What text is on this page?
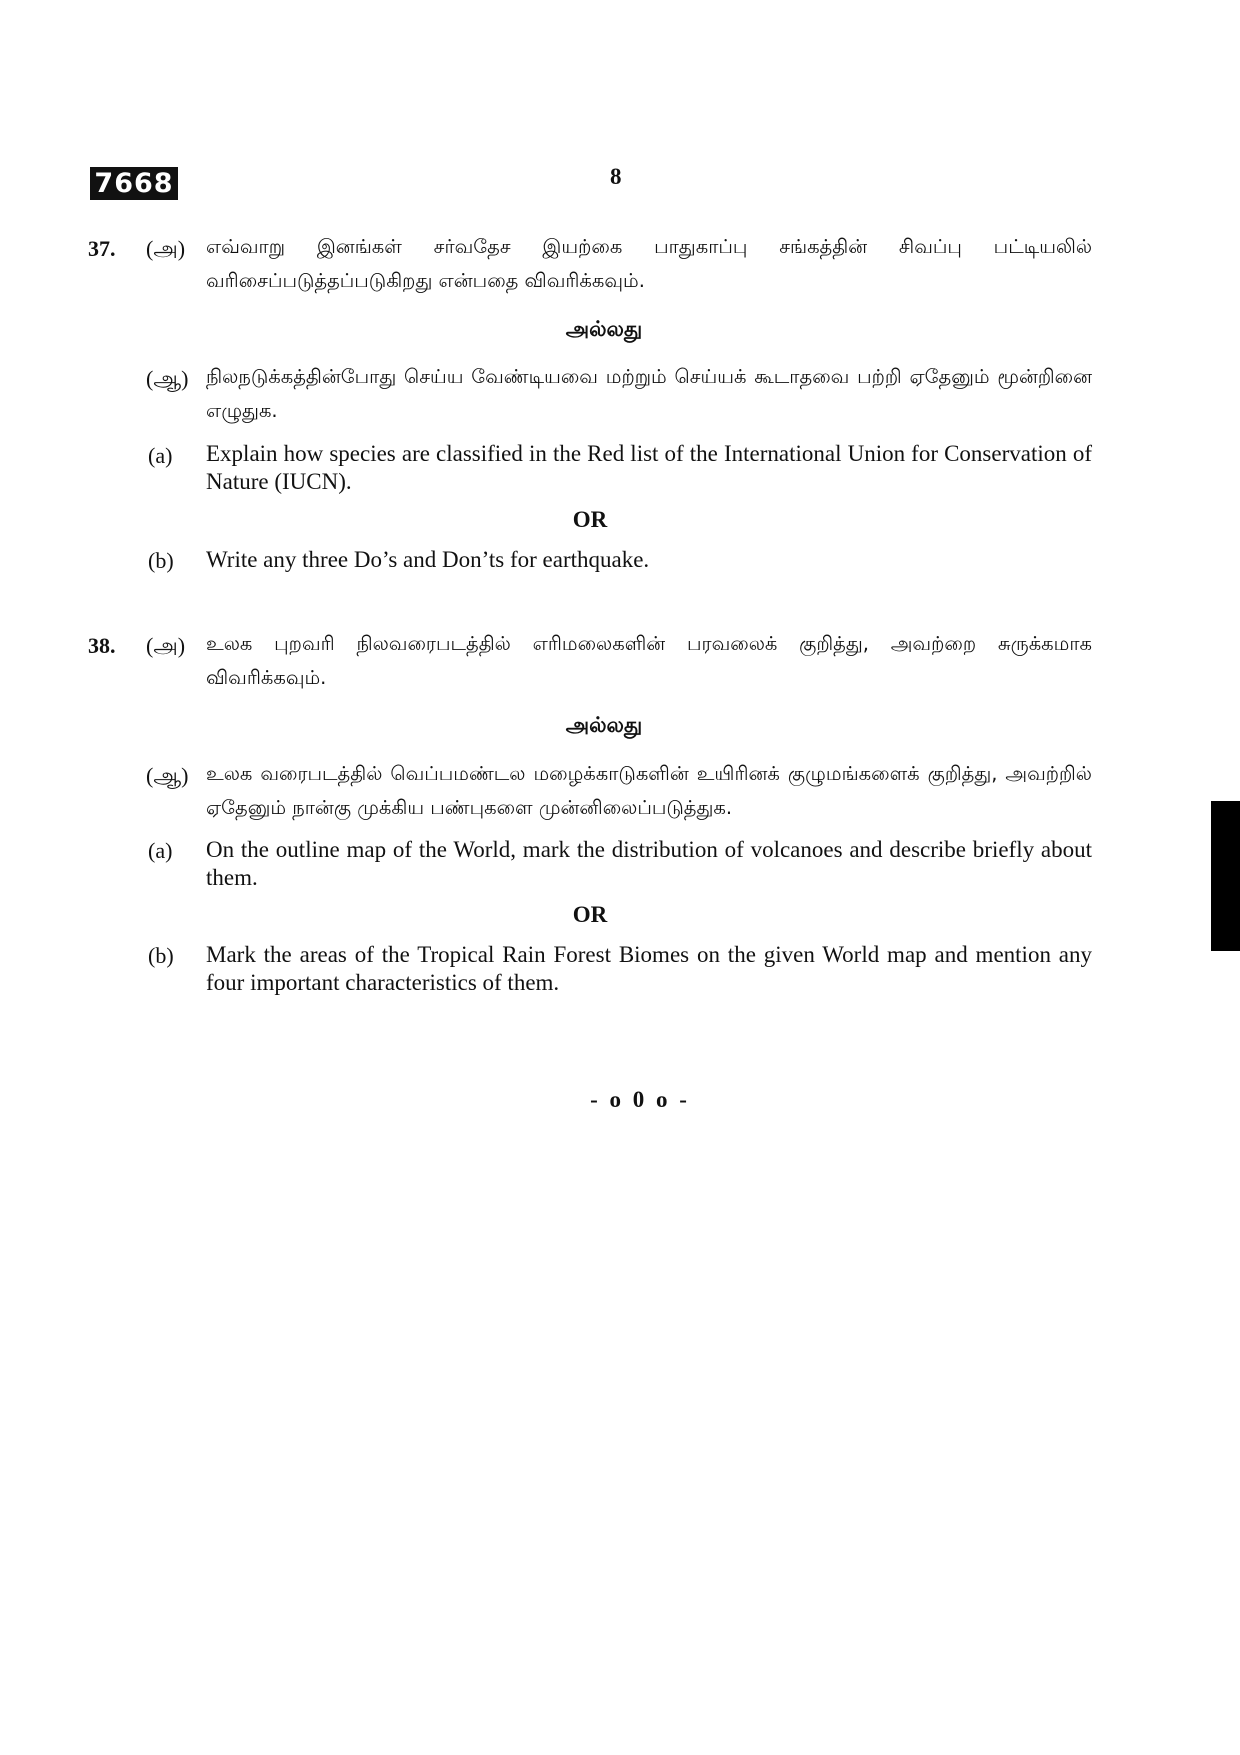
7668	8
37. (அ) எவ்வாறு இனங்கள் சர்வதேச இயற்கை பாதுகாப்பு சங்கத்தின் சிவப்பு பட்டியலில் வரிசைப்படுத்தப்படுகிறது என்பதை விவரிக்கவும்.
அல்லது
(ஆ) நிலநடுக்கத்தின்போது செய்ய வேண்டியவை மற்றும் செய்யக் கூடாதவை பற்றி ஏதேனும் மூன்றினை எழுதுக.
(a) Explain how species are classified in the Red list of the International Union for Conservation of Nature (IUCN).
OR
(b) Write any three Do’s and Don’ts for earthquake.
38. (அ) உலக புறவரி நிலவரைபடத்தில் எரிமலைகளின் பரவலைக் குறித்து, அவற்றை சுருக்கமாக விவரிக்கவும்.
அல்லது
(ஆ) உலக வரைபடத்தில் வெப்பமண்டல மழைக்காடுகளின் உயிரினக் குழுமங்களைக் குறித்து, அவற்றில் ஏதேனும் நான்கு முக்கிய பண்புகளை முன்னிலைப்படுத்துக.
(a) On the outline map of the World, mark the distribution of volcanoes and describe briefly about them.
OR
(b) Mark the areas of the Tropical Rain Forest Biomes on the given World map and mention any four important characteristics of them.
- o 0 o -
